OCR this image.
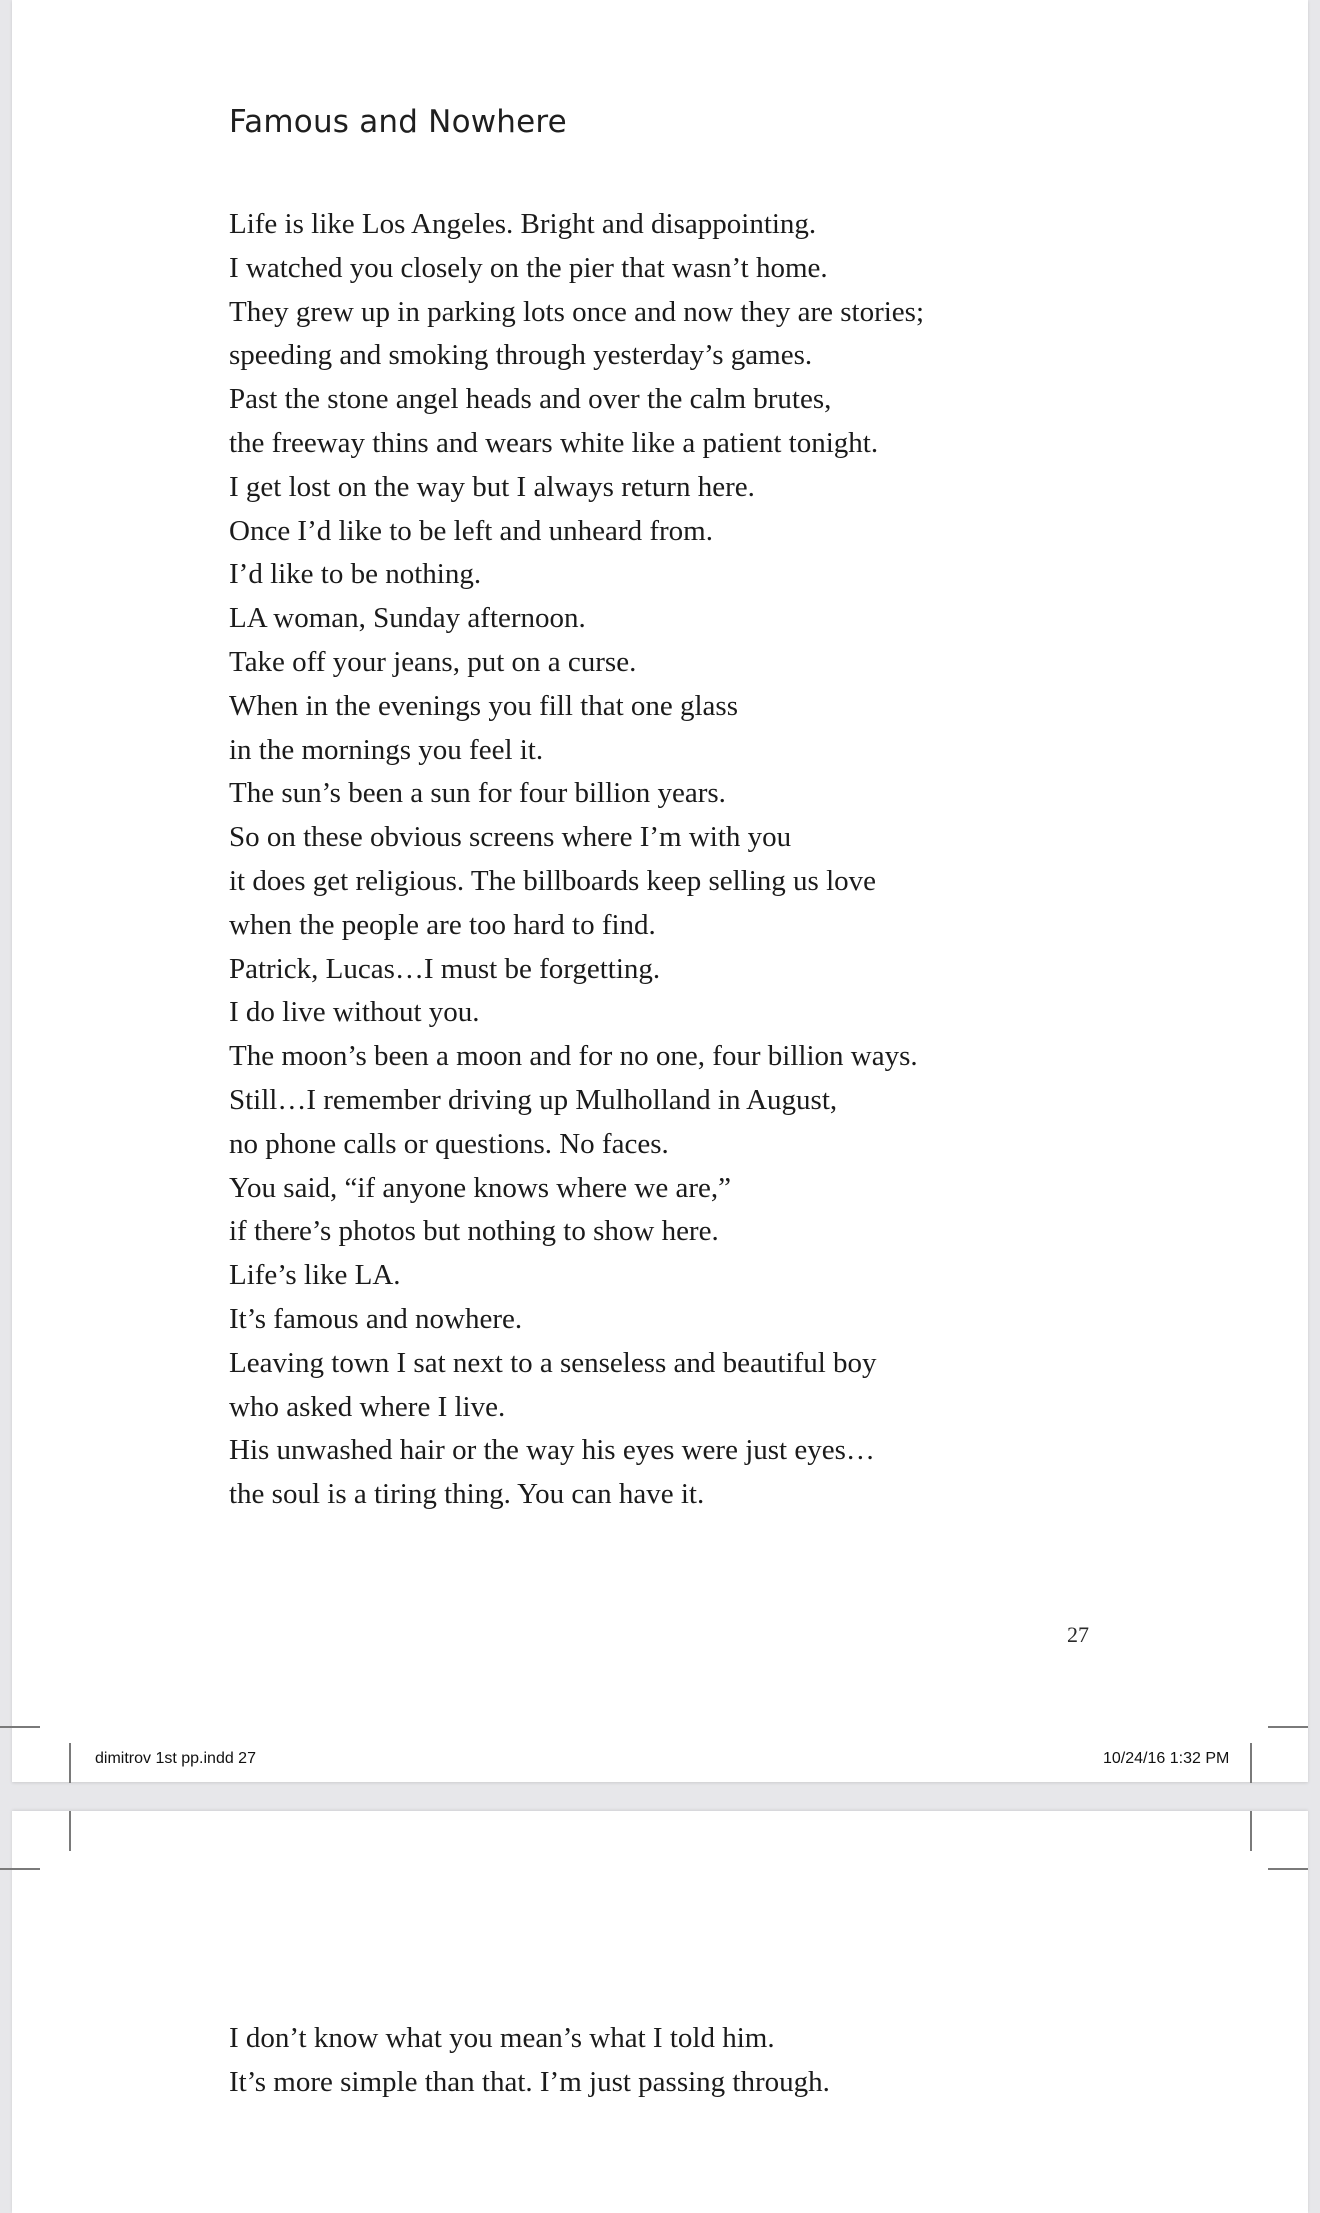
Famous and Nowhere
Life is like Los Angeles. Bright and disappointing.
I watched you closely on the pier that wasn’t home.
They grew up in parking lots once and now they are stories;
speeding and smoking through yesterday’s games.
Past the stone angel heads and over the calm brutes,
the freeway thins and wears white like a patient tonight.
I get lost on the way but I always return here.
Once I’d like to be left and unheard from.
I’d like to be nothing.
LA woman, Sunday afternoon.
Take off your jeans, put on a curse.
When in the evenings you fill that one glass
in the mornings you feel it.
The sun’s been a sun for four billion years.
So on these obvious screens where I’m with you
it does get religious. The billboards keep selling us love
when the people are too hard to find.
Patrick, Lucas…I must be forgetting.
I do live without you.
The moon’s been a moon and for no one, four billion ways.
Still…I remember driving up Mulholland in August,
no phone calls or questions. No faces.
You said, “if anyone knows where we are,”
if there’s photos but nothing to show here.
Life’s like LA.
It’s famous and nowhere.
Leaving town I sat next to a senseless and beautiful boy
who asked where I live.
His unwashed hair or the way his eyes were just eyes…
the soul is a tiring thing. You can have it.
27
dimitrov 1st pp.indd 27	10/24/16 1:32 PM
I don’t know what you mean’s what I told him.
It’s more simple than that. I’m just passing through.
